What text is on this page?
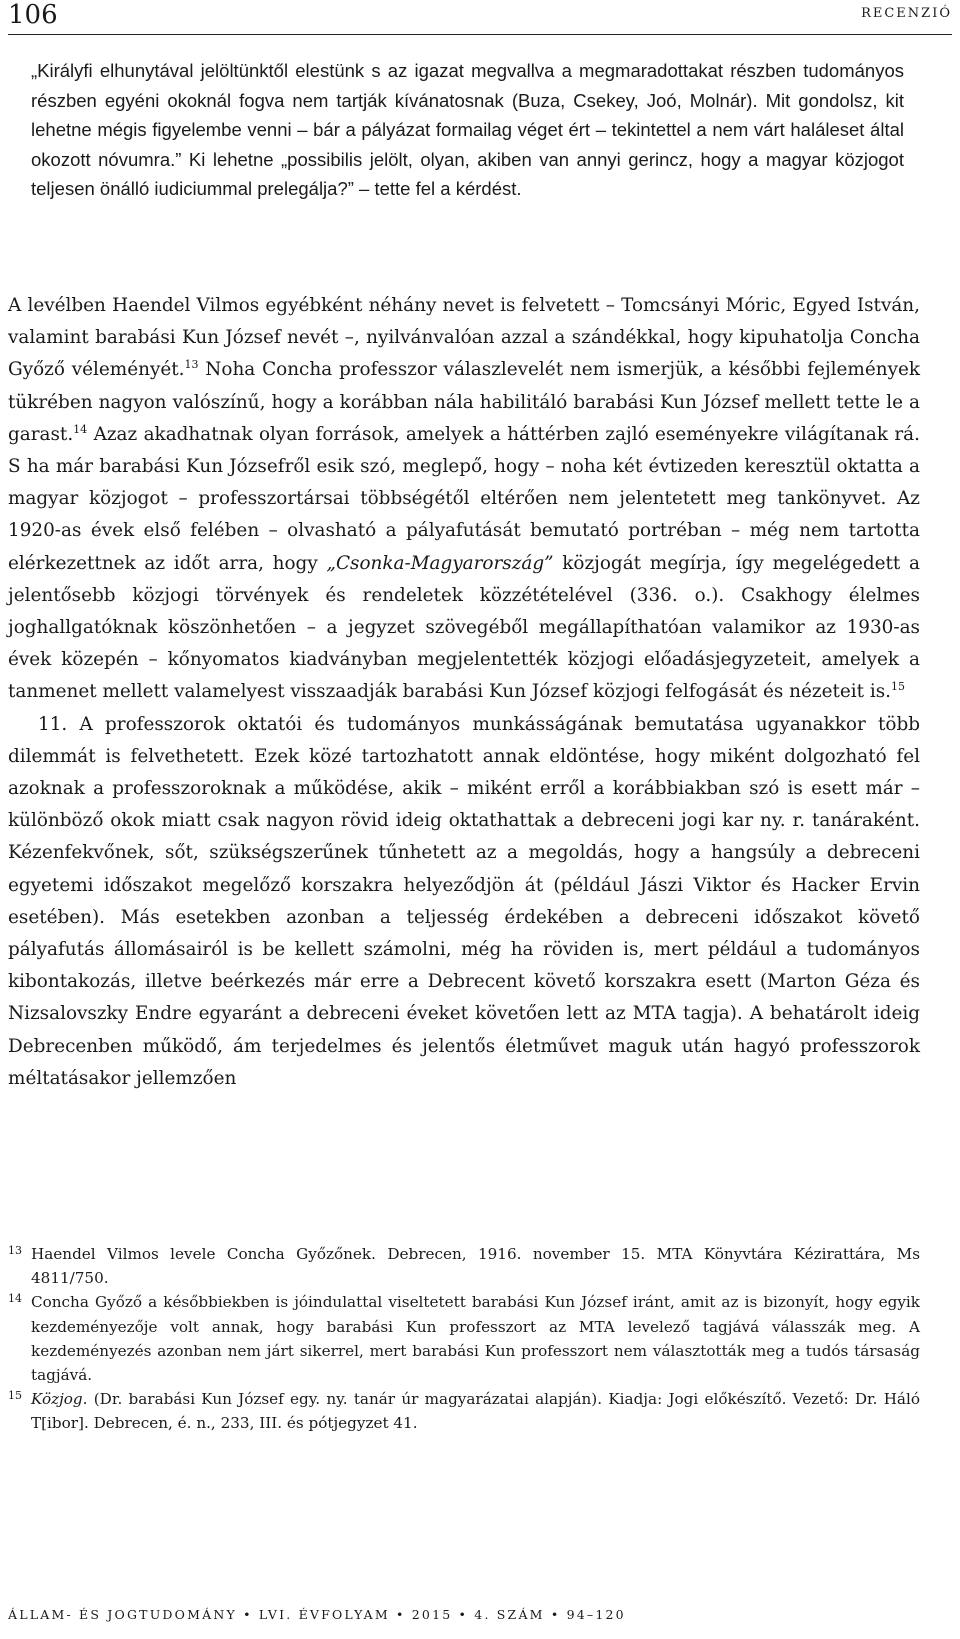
106	RECENZIÓ

„Királyfi elhunytával jelöltünktől elestünk s az igazat megvallva a megmaradottakat részben tudományos részben egyéni okoknál fogva nem tartják kívánatosnak (Buza, Csekey, Joó, Molnár). Mit gondolsz, kit lehetne mégis figyelembe venni – bár a pályázat formailag véget ért – tekintettel a nem várt haláleset által okozott nóvumra.” Ki lehetne „possibilis jelölt, olyan, akiben van annyi gerincz, hogy a magyar közjogot teljesen önálló iudiciummal prelegálja?” – tette fel a kérdést.

A levélben Haendel Vilmos egyébként néhány nevet is felvetett – Tomcsányi Móric, Egyed István, valamint barabási Kun József nevét –, nyilvánvalóan azzal a szándékkal, hogy kipuhatolja Concha Győző véleményét.$^{13}$ Noha Concha professzor válaszlevelét nem ismerjük, a későbbi fejlemények tükrében nagyon valószínű, hogy a korábban nála habilitáló barabási Kun József mellett tette le a garast.$^{14}$ Azaz akadhatnak olyan források, amelyek a háttérben zajló eseményekre világítanak rá. S ha már barabási Kun Józsefről esik szó, meglepő, hogy – noha két évtizeden keresztül oktatta a magyar közjogot – professzortársai többségétől eltérően nem jelentetett meg tankönyvet. Az 1920-as évek első felében – olvasható a pályafutását bemutató portréban – még nem tartotta elérkezettnek az időt arra, hogy „Csonka-Magyarország” közjogát megírja, így megelégedett a jelentősebb közjogi törvények és rendeletek közzétételével (336. o.). Csakhogy élelmes joghallgatóknak köszönhetően – a jegyzet szövegéből megállapíthatóan valamikor az 1930-as évek közepén – kőnyomatos kiadványban megjelentették közjogi előadásjegyzeteit, amelyek a tanmenet mellett valamelyest visszaadják barabási Kun József közjogi felfogását és nézeteit is.$^{15}$

11. A professzorok oktatói és tudományos munkásságának bemutatása ugyanakkor több dilemmát is felvethetett. Ezek közé tartozhatott annak eldöntése, hogy miként dolgozható fel azoknak a professzoroknak a működése, akik – miként erről a korábbiakban szó is esett már – különböző okok miatt csak nagyon rövid ideig oktathattak a debreceni jogi kar ny. r. tanáraként. Kézenfekvőnek, sőt, szükségszerűnek tűnhetett az a megoldás, hogy a hangsúly a debreceni egyetemi időszakot megelőző korszakra helyeződjön át (például Jászi Viktor és Hacker Ervin esetében). Más esetekben azonban a teljesség érdekében a debreceni időszakot követő pályafutás állomásairól is be kellett számolni, még ha röviden is, mert például a tudományos kibontakozás, illetve beérkezés már erre a Debrecent követő korszakra esett (Marton Géza és Nizsalovszky Endre egyaránt a debreceni éveket követően lett az MTA tagja). A behatárolt ideig Debrecenben működő, ám terjedelmes és jelentős életművet maguk után hagyó professzorok méltatásakor jellemzően

13 Haendel Vilmos levele Concha Győzőnek. Debrecen, 1916. november 15. MTA Könyvtára Kézirattára, Ms 4811/750.

14 Concha Győző a későbbiekben is jóindulattal viseltetett barabási Kun József iránt, amit az is bizonyít, hogy egyik kezdeményezője volt annak, hogy barabási Kun professzort az MTA levelező tagjává válasszák meg. A kezdeményezés azonban nem járt sikerrel, mert barabási Kun professzort nem választották meg a tudós társaság tagjává.

15 Közjog. (Dr. barabási Kun József egy. ny. tanár úr magyarázatai alapján). Kiadja: Jogi előkészítő. Vezető: Dr. Háló T[ibor]. Debrecen, é. n., 233, III. és pótjegyzet 41.

ÁLLAM- ÉS JOGTUDOMÁNY • LVI. ÉVFOLYAM • 2015 • 4. SZÁM • 94–120
